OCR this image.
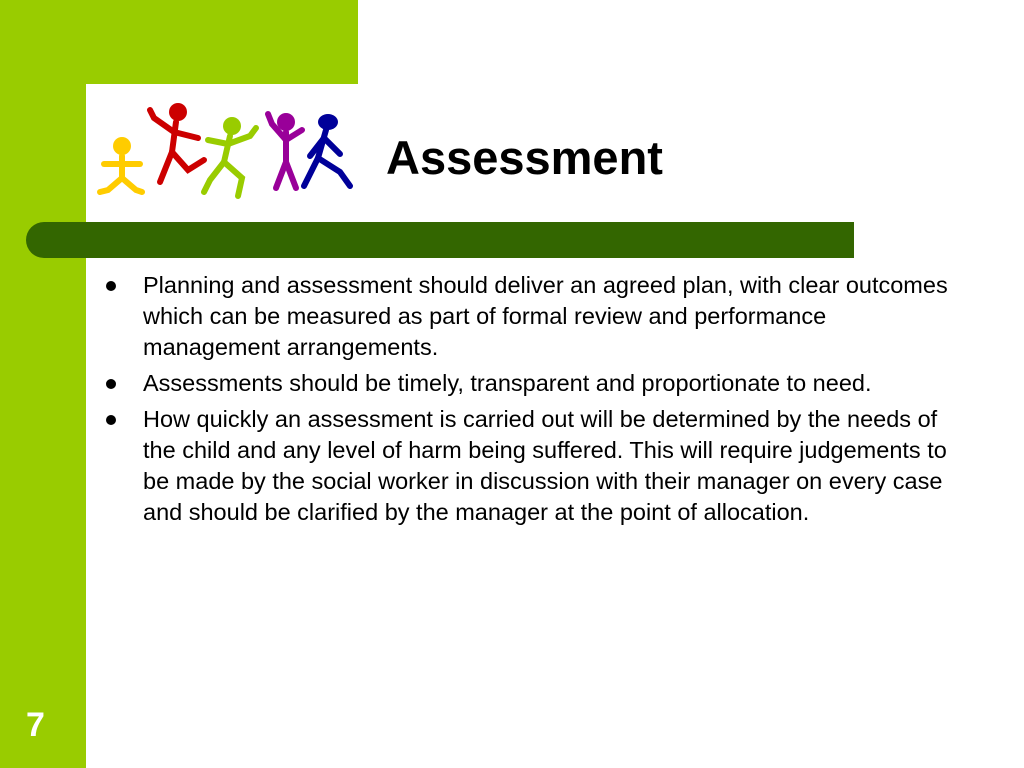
Assessment
Planning and assessment should deliver an agreed plan, with clear outcomes which can be measured as part of formal review and performance management arrangements.
Assessments should be timely, transparent and proportionate to need.
How quickly an assessment is carried out will be determined by the needs of the child and any level of harm being suffered. This will require judgements to be made by the social worker in discussion with their manager on every case and should be clarified by the manager at the point of allocation.
7
